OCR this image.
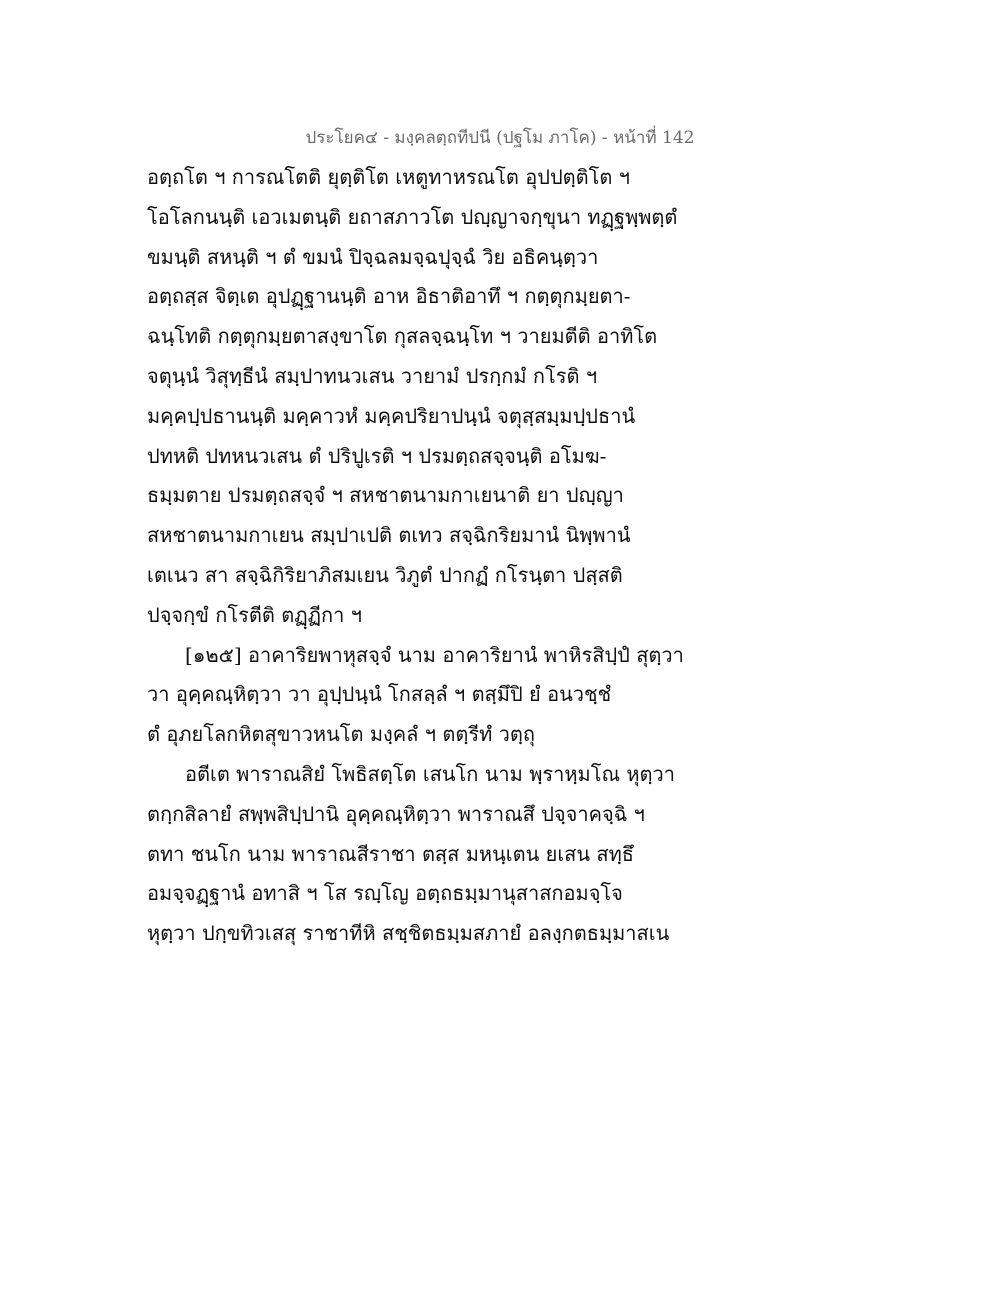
ประโยค๔ - มงฺคลตฺถทีปนี (ปฐโม ภาโค) - หน้าที่ 142
อตฺถโต ฯ การณโตติ ยุตฺติโต เหตูทาหรณโต อุปปตฺติโต ฯ
โอโลกนนฺติ เอวเมตนฺติ ยถาสภาวโต ปญฺญาจกฺขุนา ทฏฺฐพฺพตฺตํ
ขมนฺติ สหนฺติ ฯ ตํ ขมนํ ปิจฺฉลมจฺฉปุจฺฉํ วิย อธิคนฺตฺวา
อตฺถสฺส จิตฺเต อุปฏฺฐานนฺติ อาห อิธาติอาทึ ฯ กตฺตุกมฺยตา-
ฉนฺโทติ กตฺตุกมฺยตาสงฺขาโต กุสลจฺฉนฺโท ฯ วายมตีติ อาทิโต
จตุนฺนํ วิสุทฺธีนํ สมฺปาทนวเสน วายามํ ปรกฺกมํ กโรติ ฯ
มคฺคปฺปธานนฺติ มคฺคาวหํ มคฺคปริยาปนฺนํ จตุสฺสมฺมปฺปธานํ
ปทหติ ปทหนวเสน ตํ ปริปูเรติ ฯ ปรมตฺถสจฺจนฺติ อโมฆ-
ธมฺมตาย ปรมตฺถสจฺจํ ฯ สหชาตนามกาเยนาติ ยา ปญฺญา
สหชาตนามกาเยน สมฺปาเปติ ตเทว สจฺฉิกริยมานํ นิพฺพานํ
เตเนว สา สจฺฉิกิริยาภิสมเยน วิภูตํ ปากฏํ กโรนฺตา ปสฺสติ
ปจฺจกฺขํ กโรตีติ ตฏฺฏีกา ฯ
[๑๒๕] อาคาริยพาหุสจฺจํ นาม อาคาริยานํ พาหิรสิปฺปํ สุตฺวา
วา อุคฺคณฺหิตฺวา วา อุปฺปนฺนํ โกสลฺลํ ฯ ตสฺมึปิ ยํ อนวชฺชํ
ตํ อุภยโลกหิตสุขาวหนโต มงฺคลํ ฯ ตตฺรีทํ วตฺถุ
อตีเต พาราณสิยํ โพธิสตฺโต เสนโก นาม พฺราหฺมโณ หุตฺวา
ตกฺกสิลายํ สพฺพสิปฺปานิ อุคฺคณฺหิตฺวา พาราณสึ ปจฺจาคจฺฉิ ฯ
ตทา ชนโก นาม พาราณสีราชา ตสฺส มหนฺเตน ยเสน สทฺธึ
อมจฺจฏฺฐานํ อทาสิ ฯ โส รญฺโญ อตฺถธมฺมานุสาสกอมจฺโจ
หุตฺวา ปกฺขทิวเสสุ ราชาทีหิ สชฺชิตธมฺมสภายํ อลงฺกตธมฺมาสเน
